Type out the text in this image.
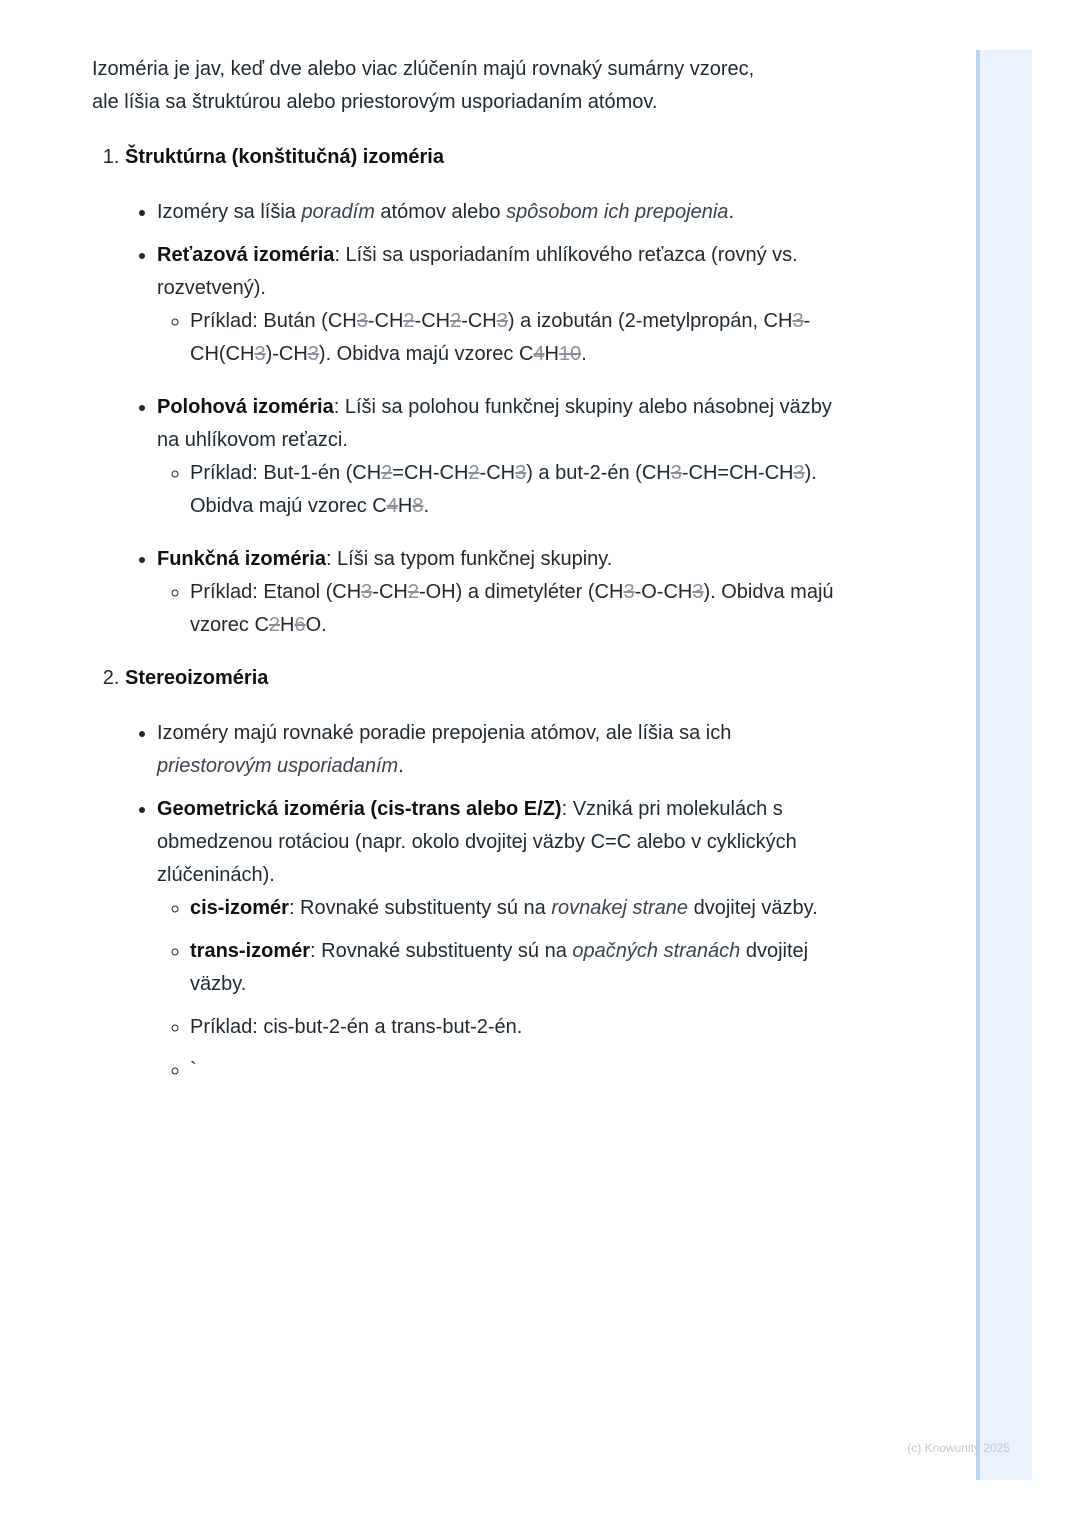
Izoméria je jav, keď dve alebo viac zlúčenín majú rovnaký sumárny vzorec,
ale líšia sa štruktúrou alebo priestorovým usporiadaním atómov.

1. Štruktúrna (konštitučná) izoméria
• Izoméry sa líšia poradím atómov alebo spôsobom ich prepojenia.
• Reťazová izoméria: Líši sa usporiadaním uhlíkového reťazca (rovný vs. rozvetvený).
◦ Príklad: Bután (CH3-CH2-CH2-CH3) a izobután (2-metylpropán, CH3-CH(CH3)-CH3). Obidva majú vzorec C4H10.
• Polohová izoméria: Líši sa polohou funkčnej skupiny alebo násobnej väzby na uhlíkovom reťazci.
◦ Príklad: But-1-én (CH2=CH-CH2-CH3) a but-2-én (CH3-CH=CH-CH3). Obidva majú vzorec C4H8.
• Funkčná izoméria: Líši sa typom funkčnej skupiny.
◦ Príklad: Etanol (CH3-CH2-OH) a dimetyléter (CH3-O-CH3). Obidva majú vzorec C2H6O.
2. Stereoizoméria
• Izoméry majú rovnaké poradie prepojenia atómov, ale líšia sa ich priestorovým usporiadaním.
• Geometrická izoméria (cis-trans alebo E/Z): Vzniká pri molekulách s obmedzenou rotáciou (napr. okolo dvojitej väzby C=C alebo v cyklických zlúčeninách).
◦ cis-izomér: Rovnaké substituenty sú na rovnakej strane dvojitej väzby.
◦ trans-izomér: Rovnaké substituenty sú na opačných stranách dvojitej väzby.
◦ Príklad: cis-but-2-én a trans-but-2-én.
◦ `
(c) Knowunity 2025
